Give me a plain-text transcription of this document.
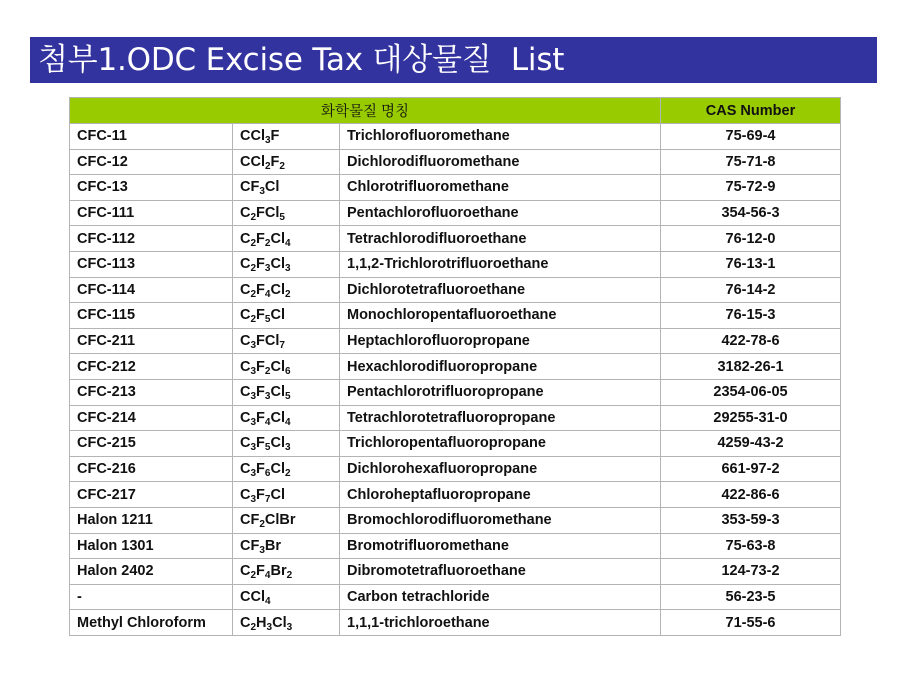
첨부1.ODC Excise Tax 대상물질  List
화학물질 명칭			CAS Number
CFC-11	CCl$_3$F	Trichlorofluoromethane	75-69-4
CFC-12	$CCl_2F_2$	Dichlorodifluoromethane	75-71-8
CFC-13	$CF_3Cl$	Chlorotrifluoromethane	75-72-9
CFC-111	$C_2FCl_5$	Pentachlorofluoroethane	354-56-3
CFC-112	$C_2F_2Cl_4$	Tetrachlorodifluoroethane	76-12-0
CFC-113	$C_2F_3Cl_3$	1,1,2-Trichlorotrifluoroethane	76-13-1
CFC-114	$C_2F_4Cl_2$	Dichlorotetrafluoroethane	76-14-2
CFC-115	$C_2F_5Cl$	Monochloropentafluoroethane	76-15-3
CFC-211	$C_3FCl_7$	Heptachlorofluoropropane	422-78-6
CFC-212	$C_3F_2Cl_6$	Hexachlorodifluoropropane	3182-26-1
CFC-213	$C_3F_3Cl_5$	Pentachlorotrifluoropropane	2354-06-05
CFC-214	$C_3F_4Cl_4$	Tetrachlorotetrafluoropropane	29255-31-0
CFC-215	$C_3F_5Cl_3$	Trichloropentafluoropropane	4259-43-2
CFC-216	$C_3F_6Cl_2$	Dichlorohexafluoropropane	661-97-2
CFC-217	$C_3F_7Cl$	Chloroheptafluoropropane	422-86-6
Halon 1211	$CF_2ClBr$	Bromochlorodifluoromethane	353-59-3
Halon 1301	$CF_3Br$	Bromotrifluoromethane	75-63-8
Halon 2402	$C_2F_4Br_2$	Dibromotetrafluoroethane	124-73-2
-	CCl$_4$	Carbon tetrachloride	56-23-5
Methyl Chloroform	$C_2H_3Cl_3$	1,1,1-trichloroethane	71-55-6
